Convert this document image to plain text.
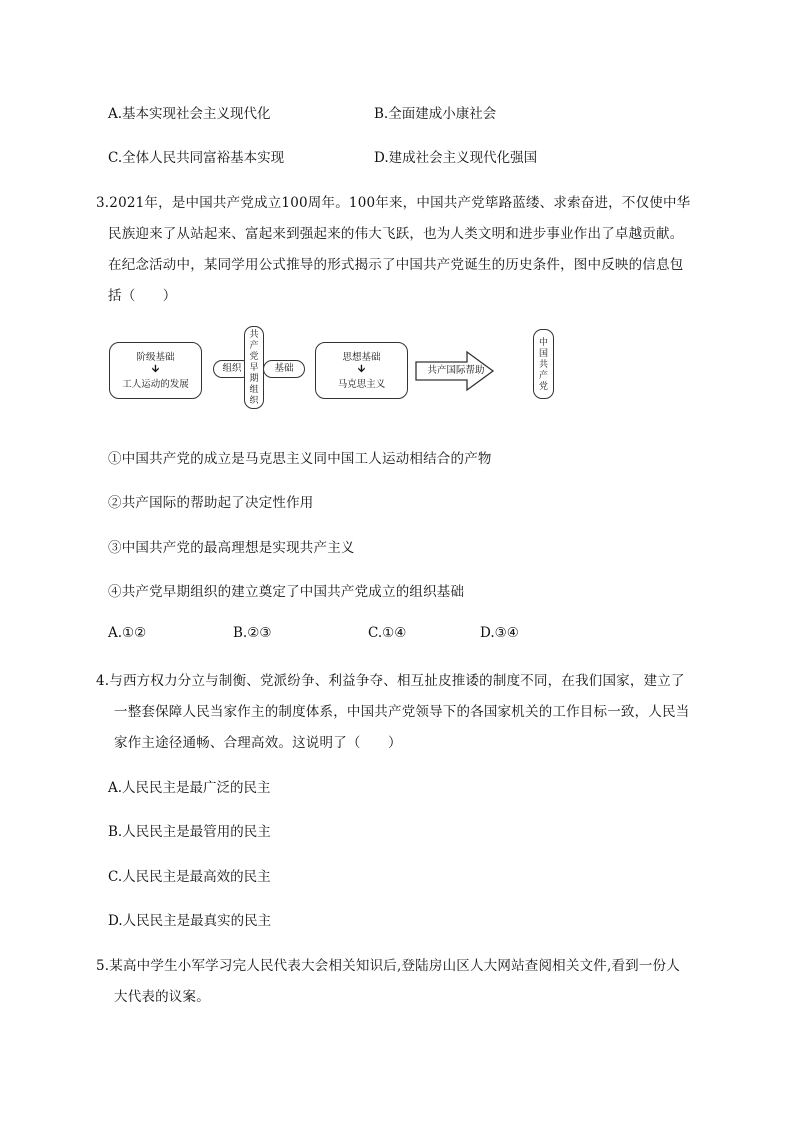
A.基本实现社会主义现代化	B.全面建成小康社会
C.全体人民共同富裕基本实现	D.建成社会主义现代化强国
3.2021年，是中国共产党成立100周年。100年来，中国共产党筚路蓝缕、求索奋进，不仅使中华
民族迎来了从站起来、富起来到强起来的伟大飞跃，也为人类文明和进步事业作出了卓越贡献。
在纪念活动中，某同学用公式推导的形式揭示了中国共产党诞生的历史条件，图中反映的信息包
括（　　）
阶级基础
🡫
工人运动的发展
组织
共
产
党
早
期
组
织
基础
思想基础
🡫
马克思主义
共产国际帮助
中
国
共
产
党
①中国共产党的成立是马克思主义同中国工人运动相结合的产物
②共产国际的帮助起了决定性作用
③中国共产党的最高理想是实现共产主义
④共产党早期组织的建立奠定了中国共产党成立的组织基础
A.①②	B.②③	C.①④	D.③④
4.与西方权力分立与制衡、党派纷争、利益争夺、相互扯皮推诿的制度不同，在我们国家，建立了
一整套保障人民当家作主的制度体系，中国共产党领导下的各国家机关的工作目标一致，人民当
家作主途径通畅、合理高效。这说明了（　　）
A.人民民主是最广泛的民主
B.人民民主是最管用的民主
C.人民民主是最高效的民主
D.人民民主是最真实的民主
5.某高中学生小军学习完人民代表大会相关知识后,登陆房山区人大网站查阅相关文件,看到一份人
大代表的议案。
